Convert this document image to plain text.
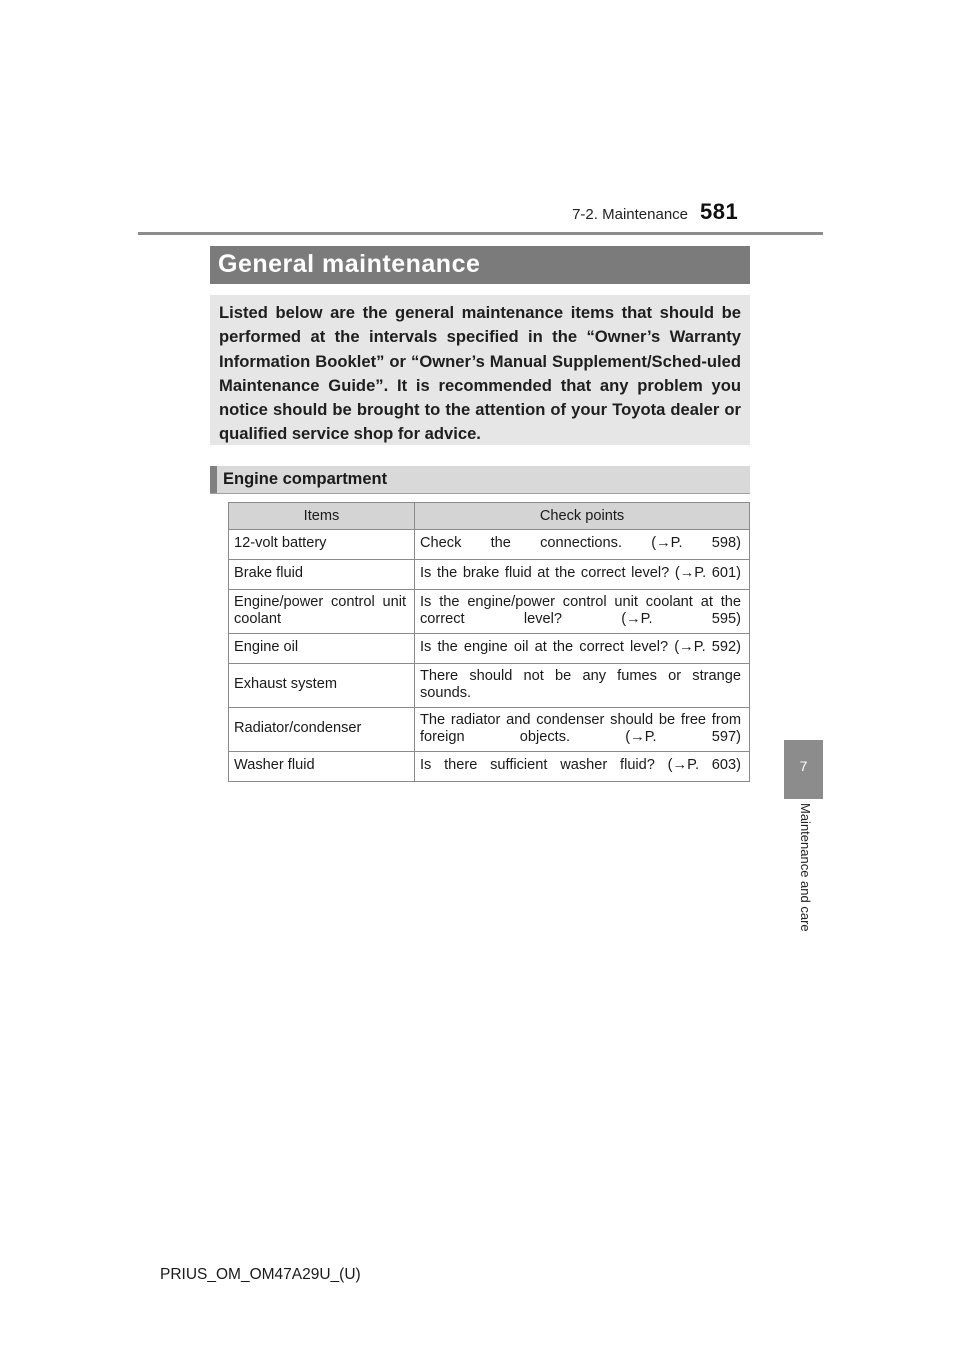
7-2. Maintenance 581
7
Maintenance and care
General maintenance
Listed below are the general maintenance items that should be performed at the intervals specified in the “Owner’s Warranty Information Booklet” or “Owner’s Manual Supplement/Sched-uled Maintenance Guide”. It is recommended that any problem you notice should be brought to the attention of your Toyota dealer or qualified service shop for advice.
Engine compartment
Items	Check points
12-volt battery	Check the connections. (→P. 598)
Brake fluid	Is the brake fluid at the correct level? (→P. 601)

Engine/power control unit coolant	Is the engine/power control unit coolant at the correct level? (→P. 595)
Engine oil	Is the engine oil at the correct level? (→P. 592)
Exhaust system	There should not be any fumes or strange sounds.
Radiator/condenser	The radiator and condenser should be free from foreign objects. (→P. 597)
Washer fluid	Is there sufficient washer fluid? (→P. 603)
PRIUS_OM_OM47A29U_(U)
